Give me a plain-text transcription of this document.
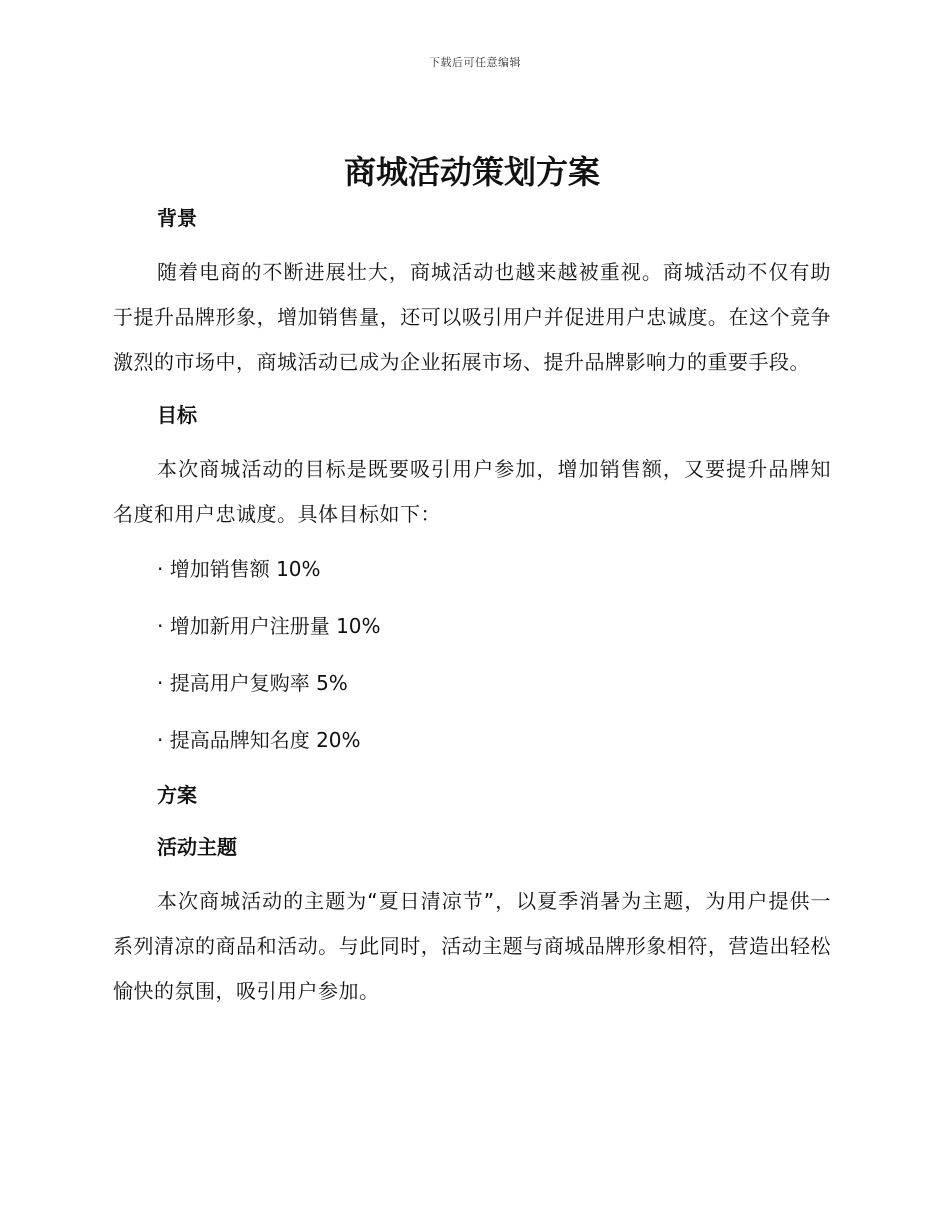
下载后可任意编辑
商城活动策划方案
背景
随着电商的不断进展壮大，商城活动也越来越被重视。商城活动不仅有助于提升品牌形象，增加销售量，还可以吸引用户并促进用户忠诚度。在这个竞争激烈的市场中，商城活动已成为企业拓展市场、提升品牌影响力的重要手段。
目标
本次商城活动的目标是既要吸引用户参加，增加销售额，又要提升品牌知名度和用户忠诚度。具体目标如下：
· 增加销售额 10%
· 增加新用户注册量 10%
· 提高用户复购率 5%
· 提高品牌知名度 20%
方案
活动主题
本次商城活动的主题为“夏日清凉节”，以夏季消暑为主题，为用户提供一系列清凉的商品和活动。与此同时，活动主题与商城品牌形象相符，营造出轻松愉快的氛围，吸引用户参加。
